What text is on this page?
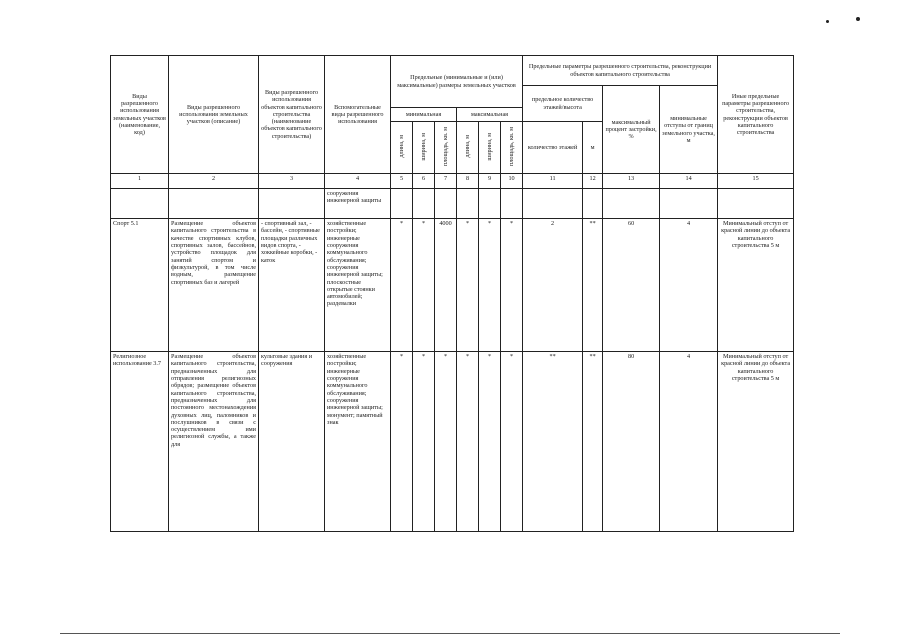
Виды разрешенного использования земельных участков (наименование, код)	Виды разрешенного использования земельных участков (описание)	Виды разрешенного использования объектов капитального строительства (наименование объектов капитального строительства)	Вспомогательные виды разрешенного использования	Предельные (минимальные и (или) максимальные) размеры земельных участков						Предельные параметры разрешенного строительства, реконструкции объектов капитального строительства				Иные предельные параметры разрешенного строительства, реконструкции объектов капитального строительства
										предельное количество этажей/высота		максимальный процент застройки, %	минимальные отступы от границ земельного участка, м	
				минимальная			максимальная							
				длина, м	ширина, м	площадь, кв. м	длина, м	ширина, м	площадь, кв. м	количество этажей	м			
1	2	3	4	5	6	7	8	9	10	11	12	13	14	15
			сооружения инженерной защиты											
Спорт 5.1	Размещение объектов капитального строительства в качестве спортивных клубов, спортивных залов, бассейнов, устройство площадок для занятий спортом и физкультурой, в том числе водным, размещение спортивных баз и лагерей	- спортивный зал, - бассейн, - спортивные площадки различных видов спорта, - хоккейные коробки, - каток	хозяйственные постройки; инженерные сооружения коммунального обслуживания; сооружения инженерной защиты; плоскостные открытые стоянки автомобилей; раздевалки	*	*	4000	*	*	*	2	**	60	4	Минимальный отступ от красной линии до объекта капитального строительства 5 м
Религиозное использование 3.7	Размещение объектов капитального строительства, предназначенных для отправления религиозных обрядов; размещение объектов капитального строительства, предназначенных для постоянного местонахождения духовных лиц, паломников и послушников в связи с осуществлением ими религиозной службы, а также для	культовые здания и сооружения	хозяйственные постройки; инженерные сооружения коммунального обслуживания; сооружения инженерной защиты; монумент; памятный знак	*	*	*	*	*	*	**	**	80	4	Минимальный отступ от красной линии до объекта капитального строительства 5 м
